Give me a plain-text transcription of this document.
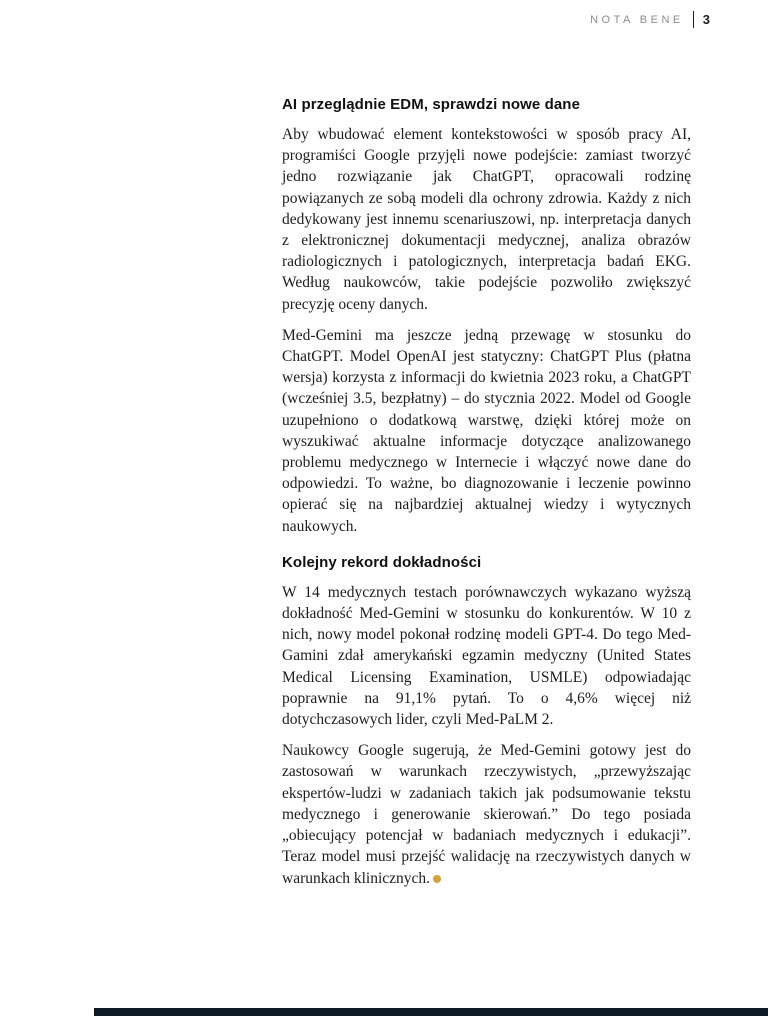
NOTA BENE 3
AI przeglądnie EDM, sprawdzi nowe dane

Aby wbudować element kontekstowości w sposób pracy AI, programiści Google przyjęli nowe podejście: zamiast tworzyć jedno rozwiązanie jak ChatGPT, opracowali rodzinę powiązanych ze sobą modeli dla ochrony zdrowia. Każdy z nich dedykowany jest innemu scenariuszowi, np. interpretacja danych z elektronicznej dokumentacji medycznej, analiza obrazów radiologicznych i patologicznych, interpretacja badań EKG. Według naukowców, takie podejście pozwoliło zwiększyć precyzję oceny danych.

Med-Gemini ma jeszcze jedną przewagę w stosunku do ChatGPT. Model OpenAI jest statyczny: ChatGPT Plus (płatna wersja) korzysta z informacji do kwietnia 2023 roku, a ChatGPT (wcześniej 3.5, bezpłatny) – do stycznia 2022. Model od Google uzupełniono o dodatkową warstwę, dzięki której może on wyszukiwać aktualne informacje dotyczące analizowanego problemu medycznego w Internecie i włączyć nowe dane do odpowiedzi. To ważne, bo diagnozowanie i leczenie powinno opierać się na najbardziej aktualnej wiedzy i wytycznych naukowych.

Kolejny rekord dokładności

W 14 medycznych testach porównawczych wykazano wyższą dokładność Med-Gemini w stosunku do konkurentów. W 10 z nich, nowy model pokonał rodzinę modeli GPT-4. Do tego Med-Gamini zdał amerykański egzamin medyczny (United States Medical Licensing Examination, USMLE) odpowiadając poprawnie na 91,1% pytań. To o 4,6% więcej niż dotychczasowych lider, czyli Med-PaLM 2.

Naukowcy Google sugerują, że Med-Gemini gotowy jest do zastosowań w warunkach rzeczywistych, „przewyższając ekspertów-ludzi w zadaniach takich jak podsumowanie tekstu medycznego i generowanie skierowań.” Do tego posiada „obiecujący potencjał w badaniach medycznych i edukacji”. Teraz model musi przejść walidację na rzeczywistych danych w warunkach klinicznych.
